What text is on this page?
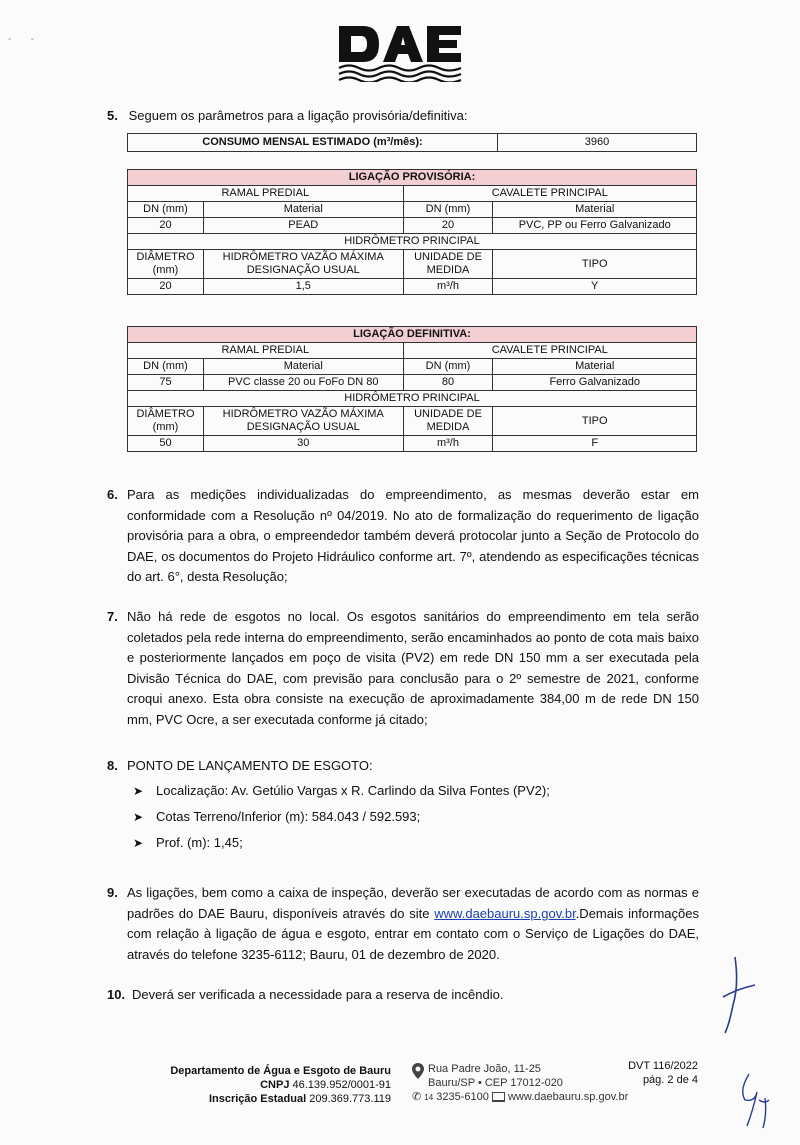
-       -
5. Seguem os parâmetros para a ligação provisória/definitiva:
CONSUMO MENSAL ESTIMADO (m³/mês):	3960
LIGAÇÃO PROVISÓRIA:			
RAMAL PREDIAL		CAVALETE PRINCIPAL	
DN (mm)	Material	DN (mm)	Material
20	PEAD	20	PVC, PP ou Ferro Galvanizado
HIDRÔMETRO PRINCIPAL			
DIÂMETRO (mm)	HIDRÔMETRO VAZÃO MÁXIMA DESIGNAÇÃO USUAL	UNIDADE DE MEDIDA	TIPO
20	1,5	m³/h	Y
LIGAÇÃO DEFINITIVA:			
RAMAL PREDIAL		CAVALETE PRINCIPAL	
DN (mm)	Material	DN (mm)	Material
75	PVC classe 20 ou FoFo DN 80	80	Ferro Galvanizado
HIDRÔMETRO PRINCIPAL			
DIÂMETRO (mm)	HIDRÔMETRO VAZÃO MÁXIMA DESIGNAÇÃO USUAL	UNIDADE DE MEDIDA	TIPO
50	30	m³/h	F
6. Para as medições individualizadas do empreendimento, as mesmas deverão estar em conformidade com a Resolução nº 04/2019. No ato de formalização do requerimento de ligação provisória para a obra, o empreendedor também deverá protocolar junto a Seção de Protocolo do DAE, os documentos do Projeto Hidráulico conforme art. 7º, atendendo as especificações técnicas do art. 6°, desta Resolução;
7. Não há rede de esgotos no local. Os esgotos sanitários do empreendimento em tela serão coletados pela rede interna do empreendimento, serão encaminhados ao ponto de cota mais baixo e posteriormente lançados em poço de visita (PV2) em rede DN 150 mm a ser executada pela Divisão Técnica do DAE, com previsão para conclusão para o 2º semestre de 2021, conforme croqui anexo. Esta obra consiste na execução de aproximadamente 384,00 m de rede DN 150 mm, PVC Ocre, a ser executada conforme já citado;
8. PONTO DE LANÇAMENTO DE ESGOTO:
➤ Localização: Av. Getúlio Vargas x R. Carlindo da Silva Fontes (PV2);
➤ Cotas Terreno/Inferior (m): 584.043 / 592.593;
➤ Prof. (m): 1,45;
9. As ligações, bem como a caixa de inspeção, deverão ser executadas de acordo com as normas e padrões do DAE Bauru, disponíveis através do site www.daebauru.sp.gov.br.Demais informações com relação à ligação de água e esgoto, entrar em contato com o Serviço de Ligações do DAE, através do telefone 3235-6112; Bauru, 01 de dezembro de 2020.
10. Deverá ser verificada a necessidade para a reserva de incêndio.
Departamento de Água e Esgoto de Bauru
CNPJ 46.139.952/0001-91
Inscrição Estadual 209.369.773.119
Rua Padre João, 11-25
Bauru/SP • CEP 17012-020
✆ 14 3235-6100 www.daebauru.sp.gov.br
DVT 116/2022
pág. 2 de 4
